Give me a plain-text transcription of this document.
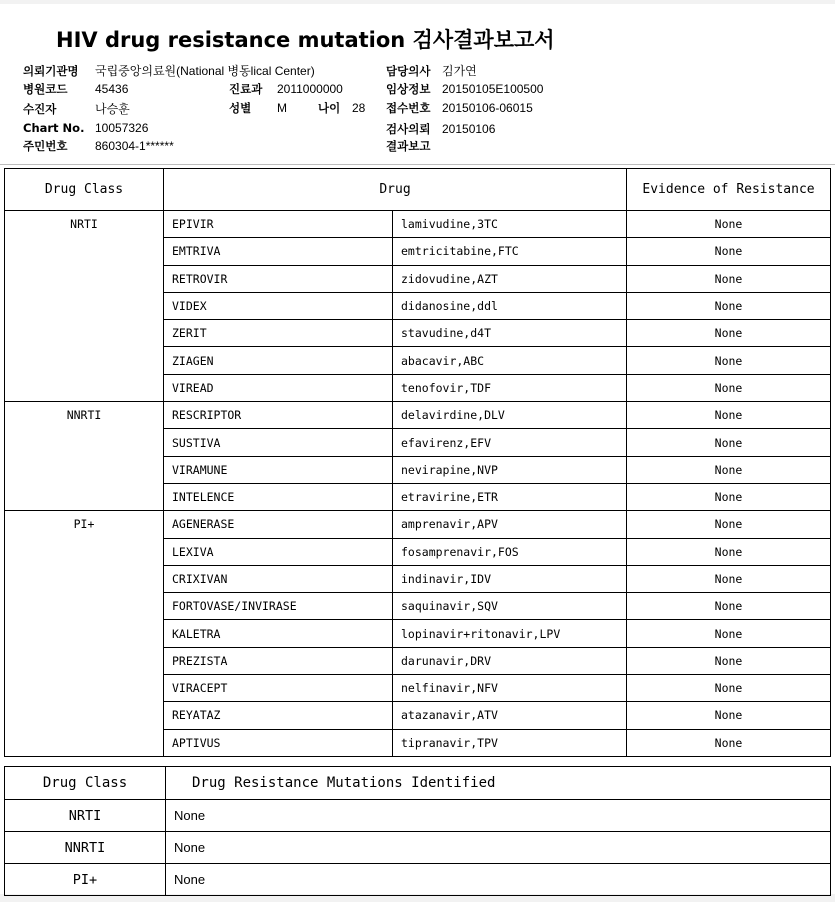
HIV drug resistance mutation 검사결과보고서
의뢰기관명 국립중앙의료원(National 병동lical Center)
병원코드 45436	진료과 2011000000
수진자	나승훈	성별 M	나이 28
Chart No. 10057326
주민번호 860304-1******
담당의사 김가연
임상정보 20150105E100500
접수번호 20150106-06015
검사의뢰 20150106
결과보고
Drug Class	Drug		Evidence of Resistance
NRTI	EPIVIR	lamivudine,3TC	None
	EMTRIVA	emtricitabine,FTC	None
	RETROVIR	zidovudine,AZT	None
	VIDEX	didanosine,ddl	None
	ZERIT	stavudine,d4T	None
	ZIAGEN	abacavir,ABC	None
	VIREAD	tenofovir,TDF	None
NNRTI	RESCRIPTOR	delavirdine,DLV	None
	SUSTIVA	efavirenz,EFV	None
	VIRAMUNE	nevirapine,NVP	None
	INTELENCE	etravirine,ETR	None
PI+	AGENERASE	amprenavir,APV	None
	LEXIVA	fosamprenavir,FOS	None
	CRIXIVAN	indinavir,IDV	None
	FORTOVASE/INVIRASE	saquinavir,SQV	None
	KALETRA	lopinavir+ritonavir,LPV	None
	PREZISTA	darunavir,DRV	None
	VIRACEPT	nelfinavir,NFV	None
	REYATAZ	atazanavir,ATV	None
	APTIVUS	tipranavir,TPV	None
Drug Class	Drug Resistance Mutations Identified
NRTI	None
NNRTI	None
PI+	None
